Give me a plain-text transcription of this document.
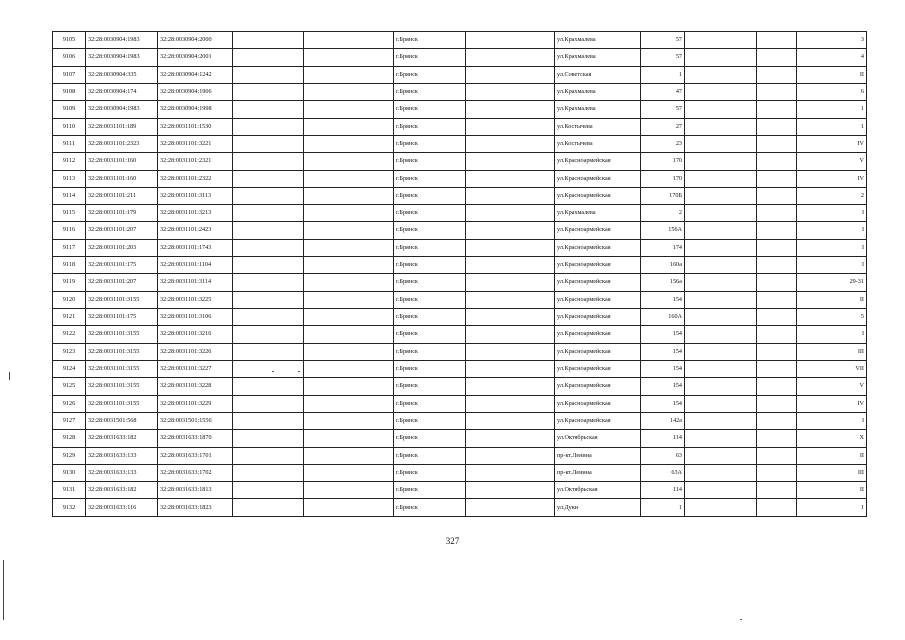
9105	32:28:0030904:1983	32:28:0030904:2000			г.Брянск		ул.Крахмалева	57			3
9106	32:28:0030904:1983	32:28:0030904:2001			г.Брянск		ул.Крахмалева	57			4
9107	32:28:0030904:335	32:28:0030904:1242			г.Брянск		ул.Советская	1			II
9108	32:28:0030904:174	32:28:0030904:1906			г.Брянск		ул.Крахмалева	47			6
9109	32:28:0030904:1983	32:28:0030904:1998			г.Брянск		ул.Крахмалева	57			1
9110	32:28:0031101:189	32:28:0031101:1530			г.Брянск		ул.Костычева	27			1
9111	32:28:0031101:2323	32:28:0031101:3221			г.Брянск		ул.Костычева	23			IV
9112	32:28:0031101:160	32:28:0031101:2321			г.Брянск		ул.Красноармейская	170			V
9113	32:28:0031101:160	32:28:0031101:2322			г.Брянск		ул.Красноармейская	170			IV
9114	32:28:0031101:211	32:28:0031101:3113			г.Брянск		ул.Красноармейская	170Б			2
9115	32:28:0031101:179	32:28:0031101:3213			г.Брянск		ул.Крахмалева	2			I
9116	32:28:0031101:207	32:28:0031101:2423			г.Брянск		ул.Красноармейская	156А			I
9117	32:28:0031101:203	32:28:0031101:1743			г.Брянск		ул.Красноармейская	174			I
9118	32:28:0031101:175	32:28:0031101:1104			г.Брянск		ул.Красноармейская	160а			I
9119	32:28:0031101:207	32:28:0031101:3114			г.Брянск		ул.Красноармейская	156а			29-31
9120	32:28:0031101:3155	32:28:0031101:3225			г.Брянск		ул.Красноармейская	154			II
9121	32:28:0031101:175	32:28:0031101:3106			г.Брянск		ул.Красноармейская	160А			5
9122	32:28:0031101:3155	32:28:0031101:3216			г.Брянск		ул.Красноармейская	154			I
9123	32:28:0031101:3155	32:28:0031101:3226			г.Брянск		ул.Красноармейская	154			III
9124	32:28:0031101:3155	32:28:0031101:3227			г.Брянск		ул.Красноармейская	154			VII
9125	32:28:0031101:3155	32:28:0031101:3228			г.Брянск		ул.Красноармейская	154			V
9126	32:28:0031101:3155	32:28:0031101:3229			г.Брянск		ул.Красноармейская	154			IV
9127	32:28:0031501:568	32:28:0031501:1556			г.Брянск		ул.Красноармейская	142а			I
9128	32:28:0031633:182	32:28:0031633:1870			г.Брянск		ул.Октябрьская	114			X
9129	32:28:0031633:133	32:28:0031633:1701			г.Брянск		пр-кт.Ленина	63			II
9130	32:28:0031633:133	32:28:0031633:1702			г.Брянск		пр-кт.Ленина	63А			III
9131	32:28:0031633:182	32:28:0031633:1813			г.Брянск		ул.Октябрьская	114			II
9132	32:28:0031633:116	32:28:0031633:1823			г.Брянск		ул.Дуки	1			1
327
